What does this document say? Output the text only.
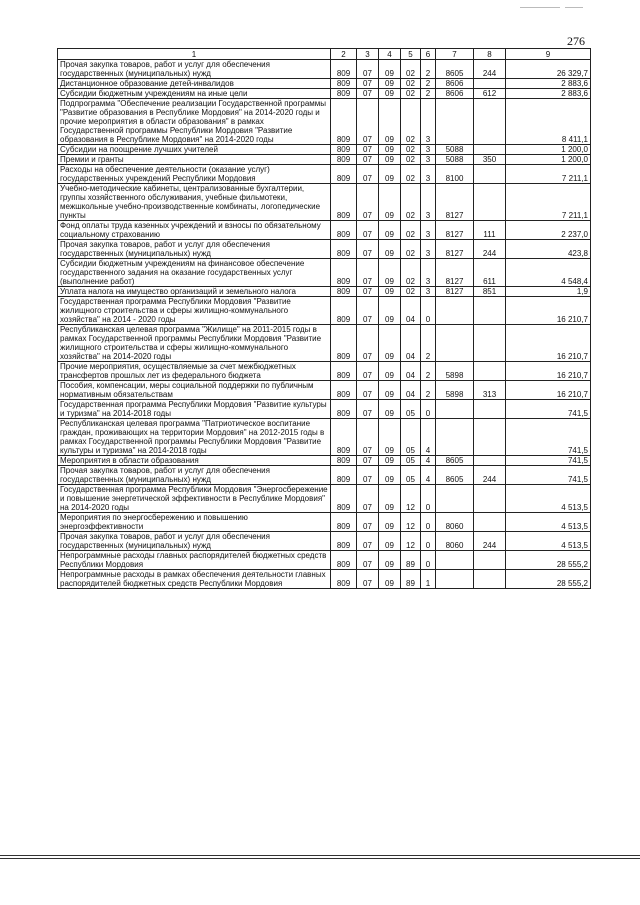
276
1	2	3	4	5	6	7	8	9
Прочая закупка товаров, работ и услуг для обеспечения государственных (муниципальных) нужд	809	07	09	02	2	8605	244	26 329,7
Дистанционное образование детей-инвалидов	809	07	09	02	2	8606		2 883,6
Субсидии бюджетным учреждениям на иные цели	809	07	09	02	2	8606	612	2 883,6
Подпрограмма "Обеспечение реализации Государственной программы "Развитие образования в Республике Мордовия" на 2014-2020 годы и прочие мероприятия в области образования" в рамках Государственной программы Республики Мордовия "Развитие образования в Республике Мордовия" на 2014-2020 годы	809	07	09	02	3			8 411,1
Субсидии на поощрение лучших учителей	809	07	09	02	3	5088		1 200,0
Премии и гранты	809	07	09	02	3	5088	350	1 200,0
Расходы на обеспечение деятельности (оказание услуг) государственных учреждений Республики Мордовия	809	07	09	02	3	8100		7 211,1
Учебно-методические кабинеты, централизованные бухгалтерии, группы хозяйственного обслуживания, учебные фильмотеки, межшкольные учебно-производственные комбинаты, логопедические пункты	809	07	09	02	3	8127		7 211,1
Фонд оплаты труда казенных учреждений и взносы по обязательному социальному страхованию	809	07	09	02	3	8127	111	2 237,0
Прочая закупка товаров, работ и услуг для обеспечения государственных (муниципальных) нужд	809	07	09	02	3	8127	244	423,8
Субсидии бюджетным учреждениям на финансовое обеспечение государственного задания на оказание государственных услуг (выполнение работ)	809	07	09	02	3	8127	611	4 548,4
Уплата налога на имущество организаций и земельного налога	809	07	09	02	3	8127	851	1,9
Государственная программа Республики Мордовия "Развитие жилищного строительства и сферы жилищно-коммунального хозяйства" на 2014 - 2020 годы	809	07	09	04	0			16 210,7
Республиканская целевая программа "Жилище" на 2011-2015 годы в рамках Государственной программы Республики Мордовия "Развитие жилищного строительства и сферы жилищно-коммунального хозяйства" на 2014-2020 годы	809	07	09	04	2			16 210,7
Прочие мероприятия, осуществляемые за счет межбюджетных трансфертов прошлых лет из федерального бюджета	809	07	09	04	2	5898		16 210,7
Пособия, компенсации, меры социальной поддержки по публичным нормативным обязательствам	809	07	09	04	2	5898	313	16 210,7
Государственная программа Республики Мордовия "Развитие культуры и туризма" на 2014-2018 годы	809	07	09	05	0			741,5
Республиканская целевая программа "Патриотическое воспитание граждан, проживающих на территории Мордовия" на 2012-2015 годы в рамках Государственной программы Республики Мордовия "Развитие культуры и туризма" на 2014-2018 годы	809	07	09	05	4			741,5
Мероприятия в области образования	809	07	09	05	4	8605		741,5
Прочая закупка товаров, работ и услуг для обеспечения государственных (муниципальных) нужд	809	07	09	05	4	8605	244	741,5
Государственная программа Республики Мордовия "Энергосбережение и повышение энергетической эффективности в Республике Мордовия" на 2014-2020 годы	809	07	09	12	0			4 513,5
Мероприятия по энергосбережению и повышению энергоэффективности	809	07	09	12	0	8060		4 513,5
Прочая закупка товаров, работ и услуг для обеспечения государственных (муниципальных) нужд	809	07	09	12	0	8060	244	4 513,5
Непрограммные расходы главных распорядителей бюджетных средств Республики Мордовия	809	07	09	89	0			28 555,2
Непрограммные расходы в рамках обеспечения деятельности главных распорядителей бюджетных средств Республики Мордовия	809	07	09	89	1			28 555,2
